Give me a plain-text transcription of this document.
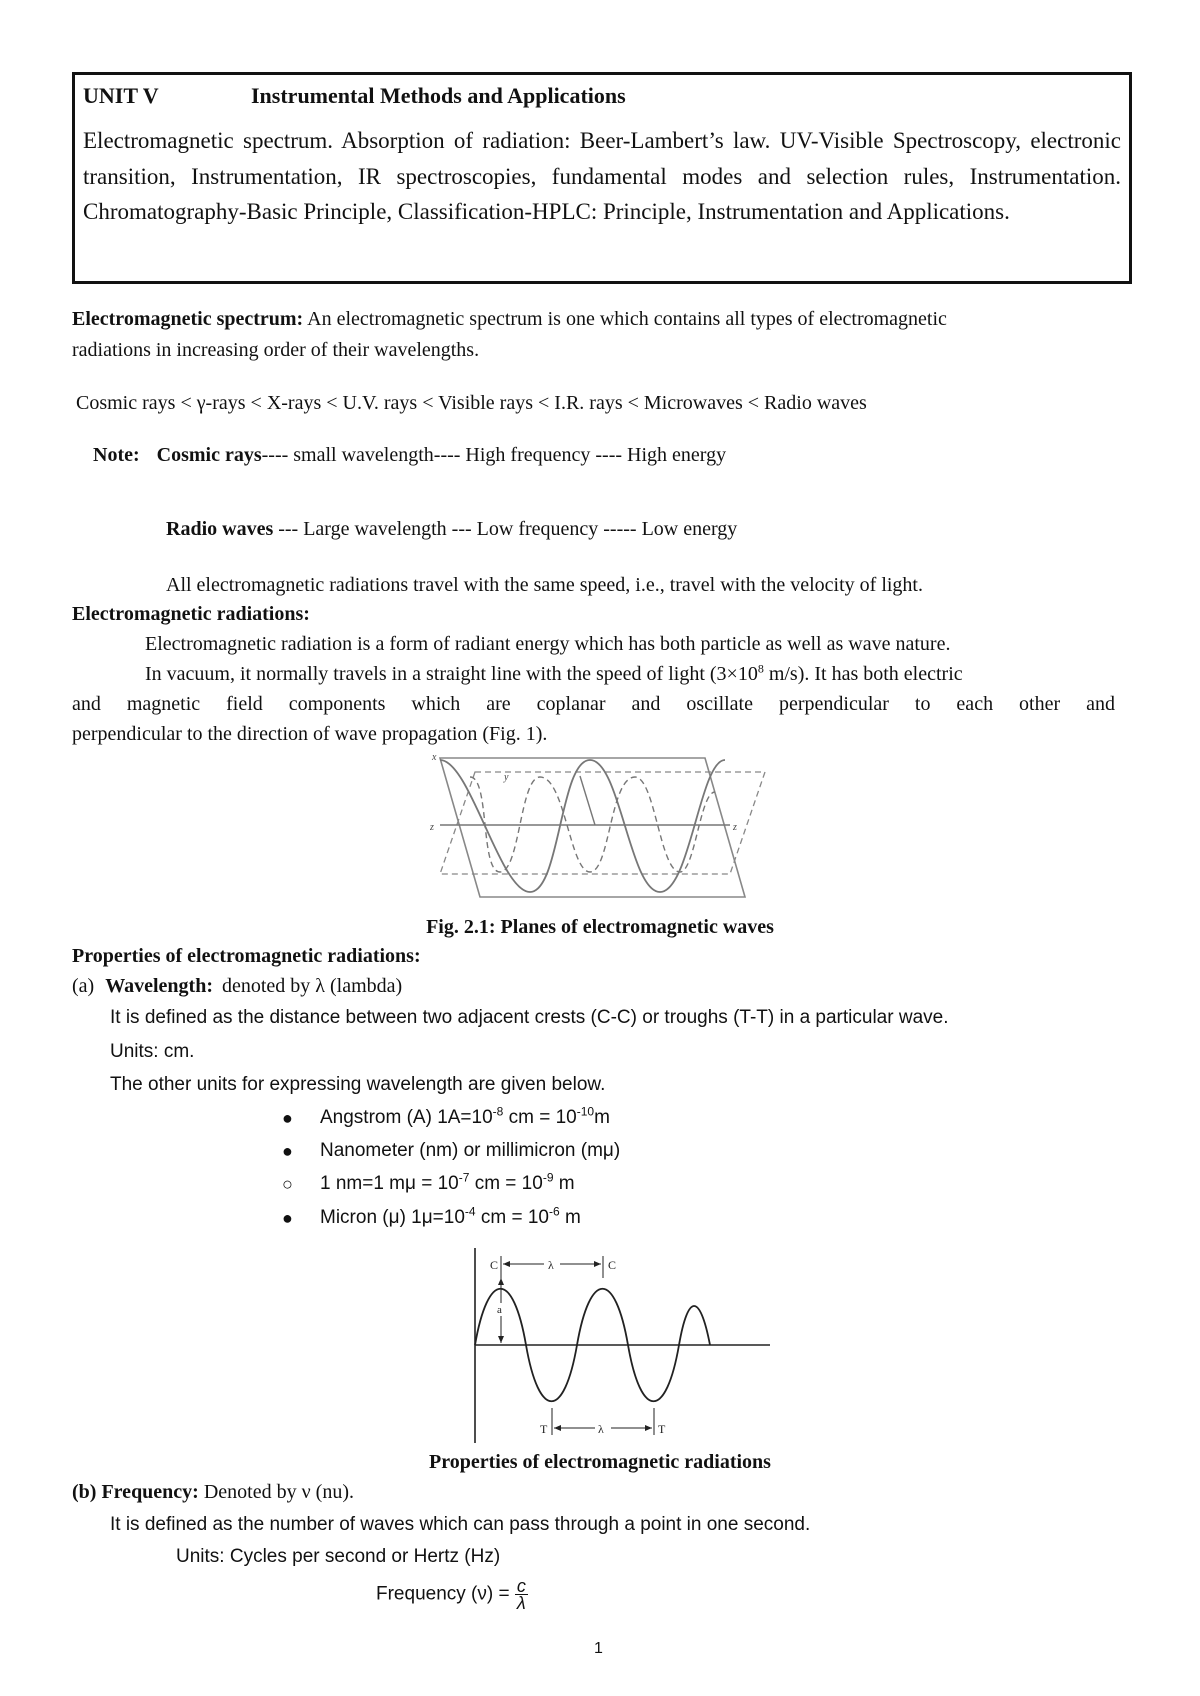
UNIT V	Instrumental Methods and Applications
Electromagnetic spectrum. Absorption of radiation: Beer-Lambert’s law. UV-Visible Spectroscopy, electronic transition, Instrumentation, IR spectroscopies, fundamental modes and selection rules, Instrumentation. Chromatography-Basic Principle, Classification-HPLC: Principle, Instrumentation and Applications.
Electromagnetic spectrum: An electromagnetic spectrum is one which contains all types of electromagnetic
radiations in increasing order of their wavelengths.
Cosmic rays < γ-rays < X-rays < U.V. rays < Visible rays < I.R. rays < Microwaves < Radio waves
Note: Cosmic rays---- small wavelength---- High frequency ---- High energy
Radio waves --- Large wavelength --- Low frequency ----- Low energy
All electromagnetic radiations travel with the same speed, i.e., travel with the velocity of light.
Electromagnetic radiations:
Electromagnetic radiation is a form of radiant energy which has both particle as well as wave nature.
In vacuum, it normally travels in a straight line with the speed of light ($3\times 10^8$ m/s). It has both electric
and magnetic field components which are coplanar and oscillate perpendicular to each other and
perpendicular to the direction of wave propagation (Fig. 1).
x
y
z	z
Fig. 2.1: Planes of electromagnetic waves
Properties of electromagnetic radiations:
(a) Wavelength: denoted by λ (lambda)
It is defined as the distance between two adjacent crests (C-C) or troughs (T-T) in a particular wave.
Units: cm.
The other units for expressing wavelength are given below.
● Angstrom (A) $1A=10^{-8}$ cm = $10^{-10}m$
● Nanometer (nm) or millimicron (mμ)
○ 1 nm=1 $m\mu = 10^{-7}$ cm = $10^{-9}$ m
● Micron (μ) $1\mu=10^{-4}$ cm = $10^{-6}$ m
C	λ	C
a
T	λ	T
Properties of electromagnetic radiations
(b) Frequency: Denoted by ν (nu).
It is defined as the number of waves which can pass through a point in one second.
Units: Cycles per second or Hertz (Hz)
Frequency $(\nu) = \frac{c}{\lambda}$
1
